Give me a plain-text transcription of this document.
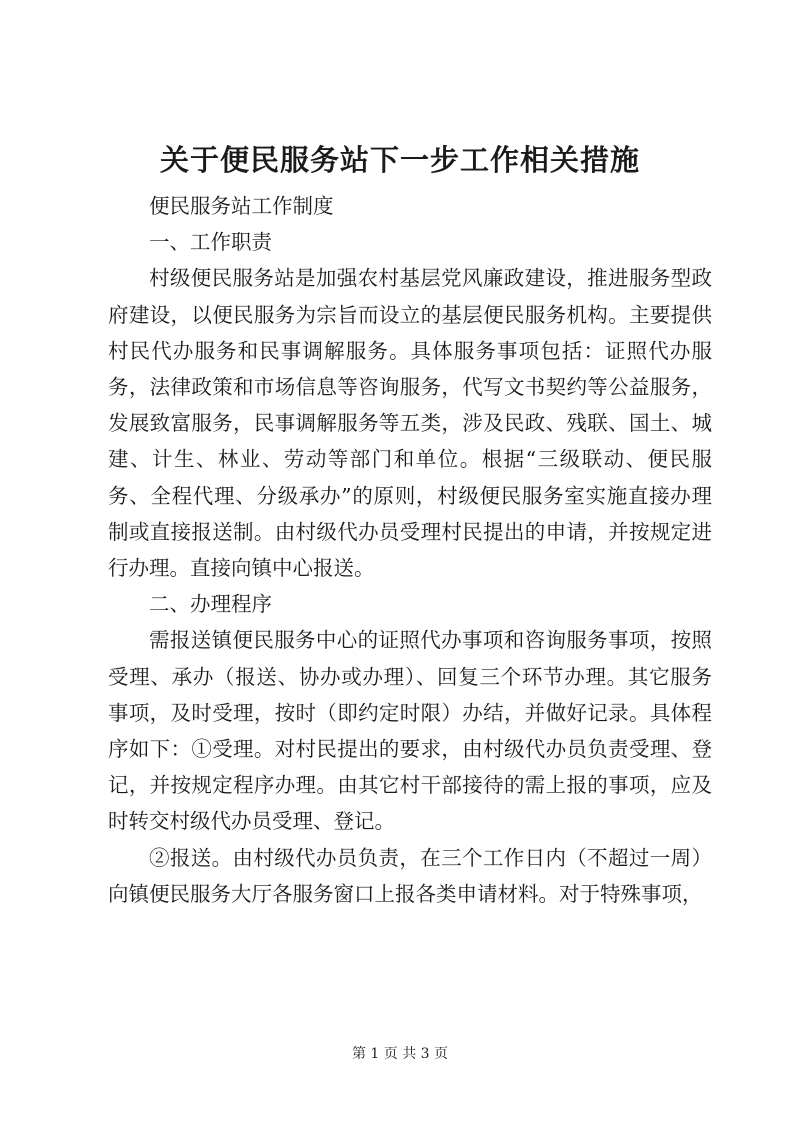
关于便民服务站下一步工作相关措施

便民服务站工作制度

一、工作职责

村级便民服务站是加强农村基层党风廉政建设，推进服务型政府建设，以便民服务为宗旨而设立的基层便民服务机构。主要提供村民代办服务和民事调解服务。具体服务事项包括：证照代办服务，法律政策和市场信息等咨询服务，代写文书契约等公益服务，发展致富服务，民事调解服务等五类，涉及民政、残联、国土、城建、计生、林业、劳动等部门和单位。根据“三级联动、便民服务、全程代理、分级承办”的原则，村级便民服务室实施直接办理制或直接报送制。由村级代办员受理村民提出的申请，并按规定进行办理。直接向镇中心报送。

二、办理程序

需报送镇便民服务中心的证照代办事项和咨询服务事项，按照受理、承办（报送、协办或办理）、回复三个环节办理。其它服务事项，及时受理，按时（即约定时限）办结，并做好记录。具体程序如下：①受理。对村民提出的要求，由村级代办员负责受理、登记，并按规定程序办理。由其它村干部接待的需上报的事项，应及时转交村级代办员受理、登记。

②报送。由村级代办员负责，在三个工作日内（不超过一周）向镇便民服务大厅各服务窗口上报各类申请材料。对于特殊事项，

第 1 页 共 3 页
